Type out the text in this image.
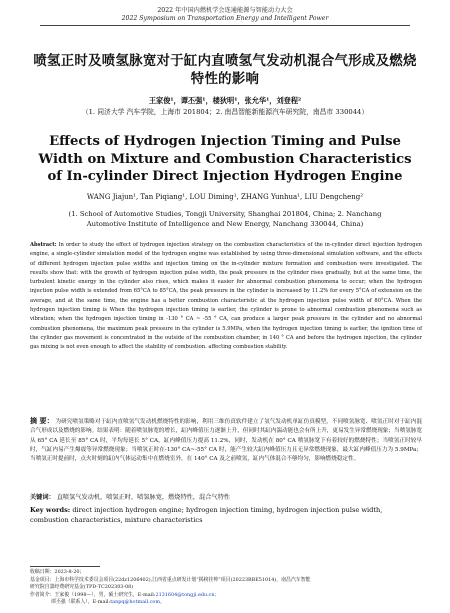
2022 年中国内燃机学会连通能源与智能动力大会
2022 Symposium on Transportation Energy and Intelligent Power
喷氢正时及喷氢脉宽对于缸内直喷氢气发动机混合气形成及燃烧特性的影响
王家俊¹，谭丕强¹，楼狄明¹，张允华¹，刘登程²
（1. 同济大学 汽车学院，上海市 201804；2. 南昌智能新能源汽车研究院，南昌市 330044）
Effects of Hydrogen Injection Timing and Pulse Width on Mixture and Combustion Characteristics of In-cylinder Direct Injection Hydrogen Engine
WANG Jiajun¹, Tan Piqiang¹, LOU Diming¹, ZHANG Yunhua¹, LIU Dengcheng²
(1. School of Automotive Studies, Tongji University, Shanghai 201804, China; 2. Nanchang Automotive Institute of Intelligence and New Energy, Nanchang 330044, China)
Abstract: In order to study the effect of hydrogen injection strategy on the combustion characteristics of the in-cylinder direct injection hydrogen engine, a single-cylinder simulation model of the hydrogen engine was established by using three-dimensional simulation software, and the effects of different hydrogen injection pulse widths and injection timing on the in-cylinder mixture formation and combustion were investigated. The results show that: with the growth of hydrogen injection pulse width, the peak pressure in the cylinder rises gradually, but at the same time, the turbulent kinetic energy in the cylinder also rises, which makes it easier for abnormal combustion phenomena to occur; when the hydrogen injection pulse width is extended from 65°CA to 85°CA, the peak pressure in the cylinder is increased by 11.2% for every 5°CA of extension on the average, and at the same time, the engine has a better combustion characteristic at the hydrogen injection pulse width of 80°CA. When the hydrogen injection timing is When the hydrogen injection timing is earlier, the cylinder is prone to abnormal combustion phenomena such as vibration; when the hydrogen injection timing in -130 ° CA ~ -55 ° CA, can produce a larger peak pressure in the cylinder and no abnormal combustion phenomena, the maximum peak pressure in the cylinder is 5.9MPa, when the hydrogen injection timing is earlier, the ignition time of the cylinder gas movement is concentrated in the outside of the combustion chamber, in 140 ° CA and before the hydrogen injection, the cylinder gas mixing is not even enough to affect the stability of combustion. affecting combustion stability.
摘 要： 为研究喷氢策略对于缸内直喷氢气发动机燃烧特性的影响，利用三维仿真软件建立了氢气发动机单缸仿真模型，不同喷氢脉宽、喷氢正时对于缸内混合气形成以及燃烧的影响。结果表明：随着喷氢脉宽的增长，缸内峰值压力逐渐上升，但同时其缸内湍动能也会有所上升，更易发生异常燃烧现象；当喷氢脉宽从 65° CA 延长至 85° CA 时，平均每延长 5° CA，缸内峰值压力提高 11.2%，同时，发动机在 80° CA 喷氢脉宽下有着较好的燃烧特性；当喷氢正时较早时，气缸内易产生爆震等异常燃烧现象；当喷氢正时在-130° CA~-55° CA 时，能产生较大缸内峰值压力且无异常燃烧现象，最大缸内峰值压力为 5.9MPa；当喷氢正时提前时，点火时刻的缸内气体运动集中在燃烧室外，在 140° CA 及之前喷氢，缸内气体混合不够均匀，影响燃烧稳定性。
关键词： 直喷氢气发动机，喷氢正时，喷氢脉宽，燃烧特性，混合气特性
Key words: direct injection hydrogen engine; hydrogen injection timing, hydrogen injection pulse width, combustion characteristics, mixture characteristics
收稿日期：2023-8-20；
基金项目：上海市科学技术委员会项目(22dz1206402),江西省重点研发计划“揭榜挂帅”项目(20223BBE51014)，南昌汽车智能
研究院自籌经费研究基金(TPD-TC202303-08)
作者简介：王家俊（1998—），男，硕士研究生，E-mail:2131604@tongji.edu.cn；
谭丕强（联系人），E-mail:tanpq@hotmail.com。
